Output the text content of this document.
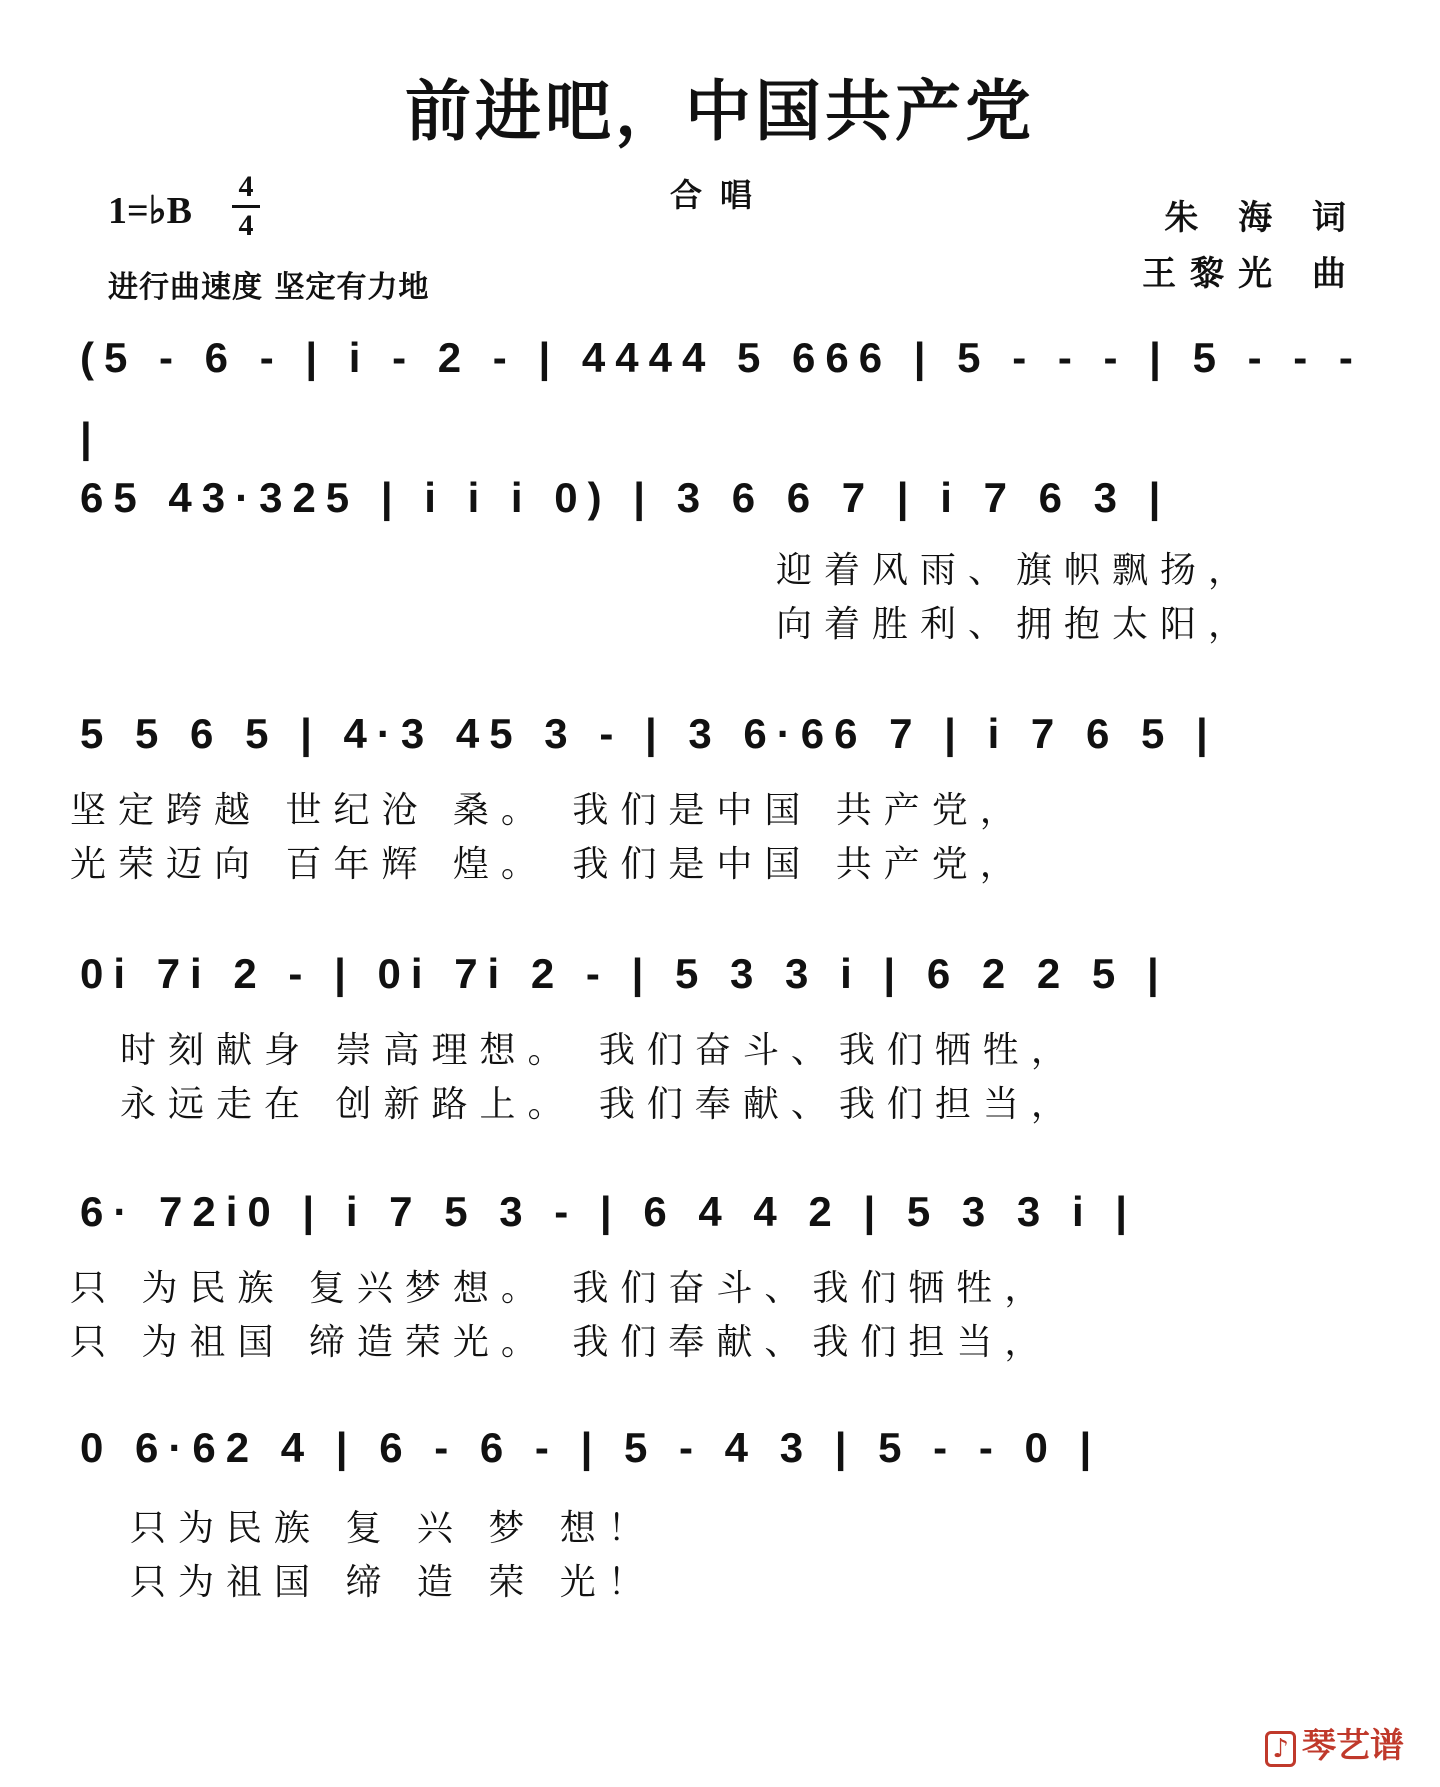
前进吧，中国共产党
合唱
1=♭B
4
4
进行曲速度 坚定有力地
朱 海 词
王黎光 曲
(5 - 6 - | i - 2 - | 4444 5 666 | 5 - - - | 5 - - - |
65 43·325 | i i i 0) | 3 6 6 7 | i 7 6 3 |
迎着风雨、旗帜飘扬，
向着胜利、拥抱太阳，
5 5 6 5 | 4·3 45 3 - | 3 6·66 7 | i 7 6 5 |
坚定跨越 世纪沧 桑。 我们是中国 共产党，
光荣迈向 百年辉 煌。 我们是中国 共产党，
0i 7i 2 - | 0i 7i 2 - | 5 3 3 i | 6 2 2 5 |
时刻献身 崇高理想。 我们奋斗、我们牺牲，
永远走在 创新路上。 我们奉献、我们担当，
6· 72i0 | i 7 5 3 - | 6 4 4 2 | 5 3 3 i |
只 为民族 复兴梦想。 我们奋斗、我们牺牲，
只 为祖国 缔造荣光。 我们奉献、我们担当，
0 6·62 4 | 6 - 6 - | 5 - 4 3 | 5 - - 0 |
只为民族 复 兴 梦 想！
只为祖国 缔 造 荣 光！
♪ 琴艺谱
